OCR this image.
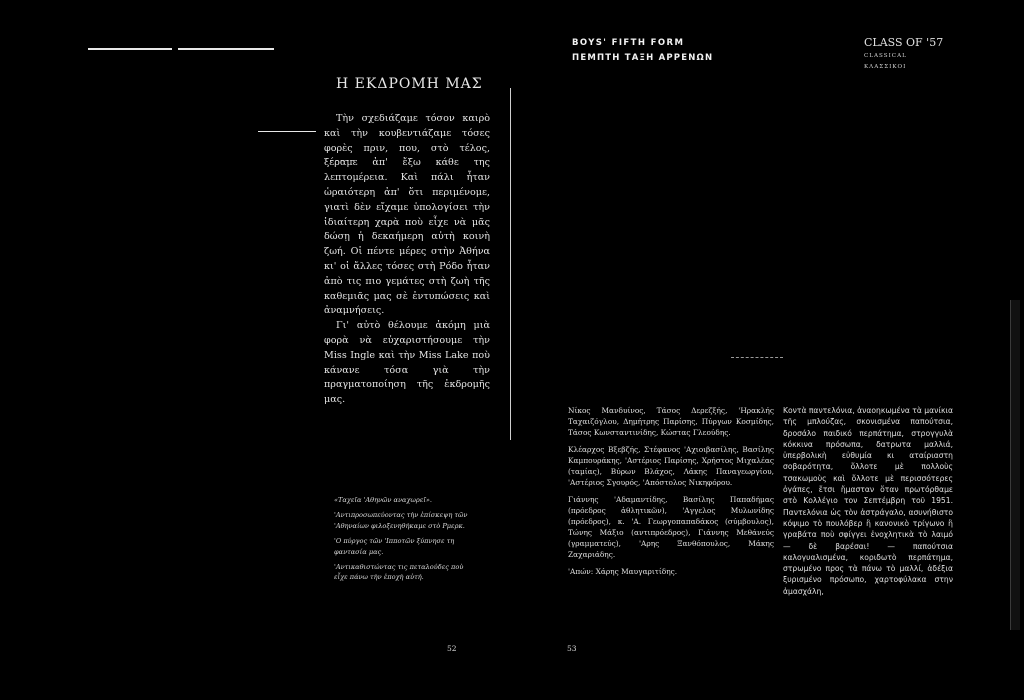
Η ΕΚΔΡΟΜΗ ΜΑΣ

Τὴν σχεδιάζαμε τόσον καιρὸ καὶ τὴν κουβεντιάζαμε τόσες φορὲς πριν, που, στὸ τέλος, ξέραμε ἀπ' ἔξω κάθε της λεπτομέρεια. Καὶ πάλι ἦταν ὡραιότερη ἀπ' ὅτι περιμένομε, γιατὶ δὲν εἴχαμε ὑπολογίσει τὴν ἰδιαίτερη χαρὰ ποὺ εἶχε νὰ μᾶς δώσῃ ἡ δεκαήμερη αὐτὴ κοινὴ ζωή. Οἱ πέντε μέρες στὴν Ἀθήνα κι' οἱ ἄλλες τόσες στὴ Ρόδο ἦταν ἀπὸ τις πιο γεμάτες στὴ ζωὴ τῆς καθεμιᾶς μας σὲ ἐντυπώσεις καὶ ἀναμνήσεις.

Γι' αὐτὸ θέλουμε ἀκόμη μιὰ φορὰ νὰ εὐχαριστήσουμε τὴν Miss Ingle καὶ τὴν Miss Lake ποὺ κάνανε τόσα γιὰ τὴν πραγματοποίηση τῆς ἐκδρομῆς μας.

«Ταχεῖα 'Αθηνῶν αναχωρεῖ».

'Αντιπροσωπεύοντας τὴν ἐπίσκεψη τῶν 'Αθηναίων φιλοξενηθήκαμε στὸ Ρμερκ.

'Ο πύργος τῶν 'Ιπποτῶν ξύπνησε τη φαντασία μας.

'Αντικαθιστώντας τις πεταλούδες ποὺ εἶχε πάνω τὴν ἐποχὴ αὐτή.

52
BOYS' FIFTH FORM
ΠΕΜΠΤΗ ΤΑΞΗ ΑΡΡΕΝΩΝ
CLASS OF '57
CLASSICAL
ΚΛΑΣΣΙΚΟΙ

Νίκος Μανδυίνος, Τάσος Δερεζξής, 'Ηρακλής Ταχαιζόγλου, Δημήτρης Παρίσης, Πύργων Κοσμίδης, Τάσος Κωνσταντινίδης, Κώστας Γλεούδης.

Κλέαρχος Βξεβζής, Στέφανος 'Αχιοιβασίλης, Βασίλης Καμπουράκης, 'Αστέριος Παρίσης, Χρήστος Μιχαλέας (ταμίας), Βύρων Βλάχος, Λάκης Παναγεωργίου, 'Αστέριος Σγουρός, 'Απόστολος Νικηφόρου.

Γιάννης 'Αδαμαντίδης, Βασίλης Παπαδήμας (πρόεδρος ἀθλητικῶν), 'Αγγελος Μυλωνίδης (πρόεδρος), κ. 'Α. Γεωργοπαπαδάκος (σύμβουλος), Τώνης Μάξιο (αντιπρόεδρος), Γιάννης Μεθάνεύς (γραμματεύς), 'Αρης Ξανθόπουλος, Μάκης Ζαχαριάδης.

'Απών: Χάρης Μαυγαριτίδης.

Κοντὰ παντελόνια, ἀναοηκωμένα τὰ μανίκια τῆς μπλούζας, σκονισμένα παπούτσια, δροσάλο παιδικό περπάτημα, στρογγυλὰ κόκκινα πρόσωπα, δατρωτα μαλλιά, ὑπερβολικὴ εὐθυμία κι αταίριαστη σοβαρότητα, ὅλλοτε μὲ πολλοὺς τσακωμοὺς καὶ ὅλλοτε μὲ περισσότερες ὀγάπες, ἔτσι ἤμασταν ὅταν πρωτόρθαμε στὸ Κολλέγιο τον Σεπτέμβρη τοῦ 1951. Παντελόνια ὡς τὸν ἀστράγαλο, ασυνήθιστο κόψιμο τὸ πουλόβερ ἢ κανονικὸ τρίγωνο ἢ γραβάτα ποὺ σφίγγει ἐνοχλητικὰ τὸ λαιμό — δὲ βαρέσαι! — παπούτσια καλογυαλισμένα, κοριδωτὸ περπάτημα, στρωμένο προς τὰ πάνω τὸ μαλλί, ἀδέξια ξυρισμένο πρόσωπο, χαρτοφύλακα στην ἀμασχάλη,

53
